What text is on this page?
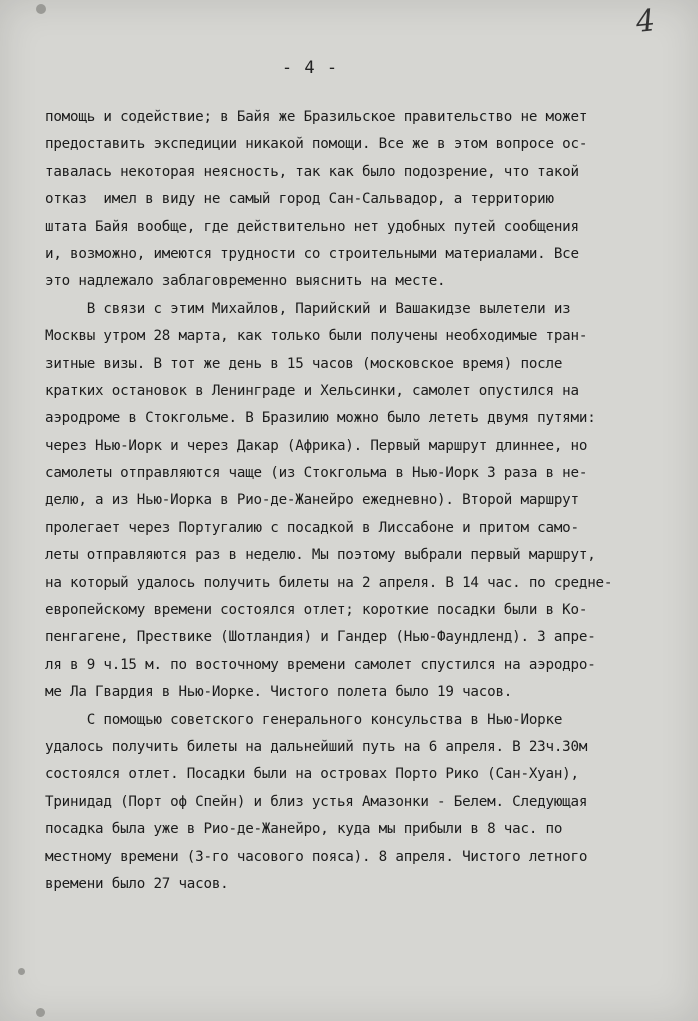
4
- 4 -
помощь и содействие; в Байя же Бразильское правительство не может
предоставить экспедиции никакой помощи. Все же в этом вопросе ос-
тавалась некоторая неясность, так как было подозрение, что такой
отказ  имел в виду не самый город Сан-Сальвадор, а территорию
штата Байя вообще, где действительно нет удобных путей сообщения
и, возможно, имеются трудности со строительными материалами. Все
это надлежало заблаговременно выяснить на месте.
В связи с этим Михайлов, Парийский и Вашакидзе вылетели из
Москвы утром 28 марта, как только были получены необходимые тран-
зитные визы. В тот же день в 15 часов (московское время) после
кратких остановок в Ленинграде и Хельсинки, самолет опустился на
аэродроме в Стокгольме. В Бразилию можно было лететь двумя путями:
через Нью-Иорк и через Дакар (Африка). Первый маршрут длиннее, но
самолеты отправляются чаще (из Стокгольма в Нью-Иорк 3 раза в не-
делю, а из Нью-Иорка в Рио-де-Жанейро ежедневно). Второй маршрут
пролегает через Португалию с посадкой в Лиссабоне и притом само-
леты отправляются раз в неделю. Мы поэтому выбрали первый маршрут,
на который удалось получить билеты на 2 апреля. В 14 час. по средне-
европейскому времени состоялся отлет; короткие посадки были в Ко-
пенгагене, Прествике (Шотландия) и Гандер (Нью-Фаундленд). 3 апре-
ля в 9 ч.15 м. по восточному времени самолет спустился на аэродро-
ме Ла Гвардия в Нью-Иорке. Чистого полета было 19 часов.
С помощью советского генерального консульства в Нью-Иорке
удалось получить билеты на дальнейший путь на 6 апреля. В 23ч.30м
состоялся отлет. Посадки были на островах Порто Рико (Сан-Хуан),
Тринидад (Порт оф Спейн) и близ устья Амазонки - Белем. Следующая
посадка была уже в Рио-де-Жанейро, куда мы прибыли в 8 час. по
местному времени (3-го часового пояса). 8 апреля. Чистого летного
времени было 27 часов.
